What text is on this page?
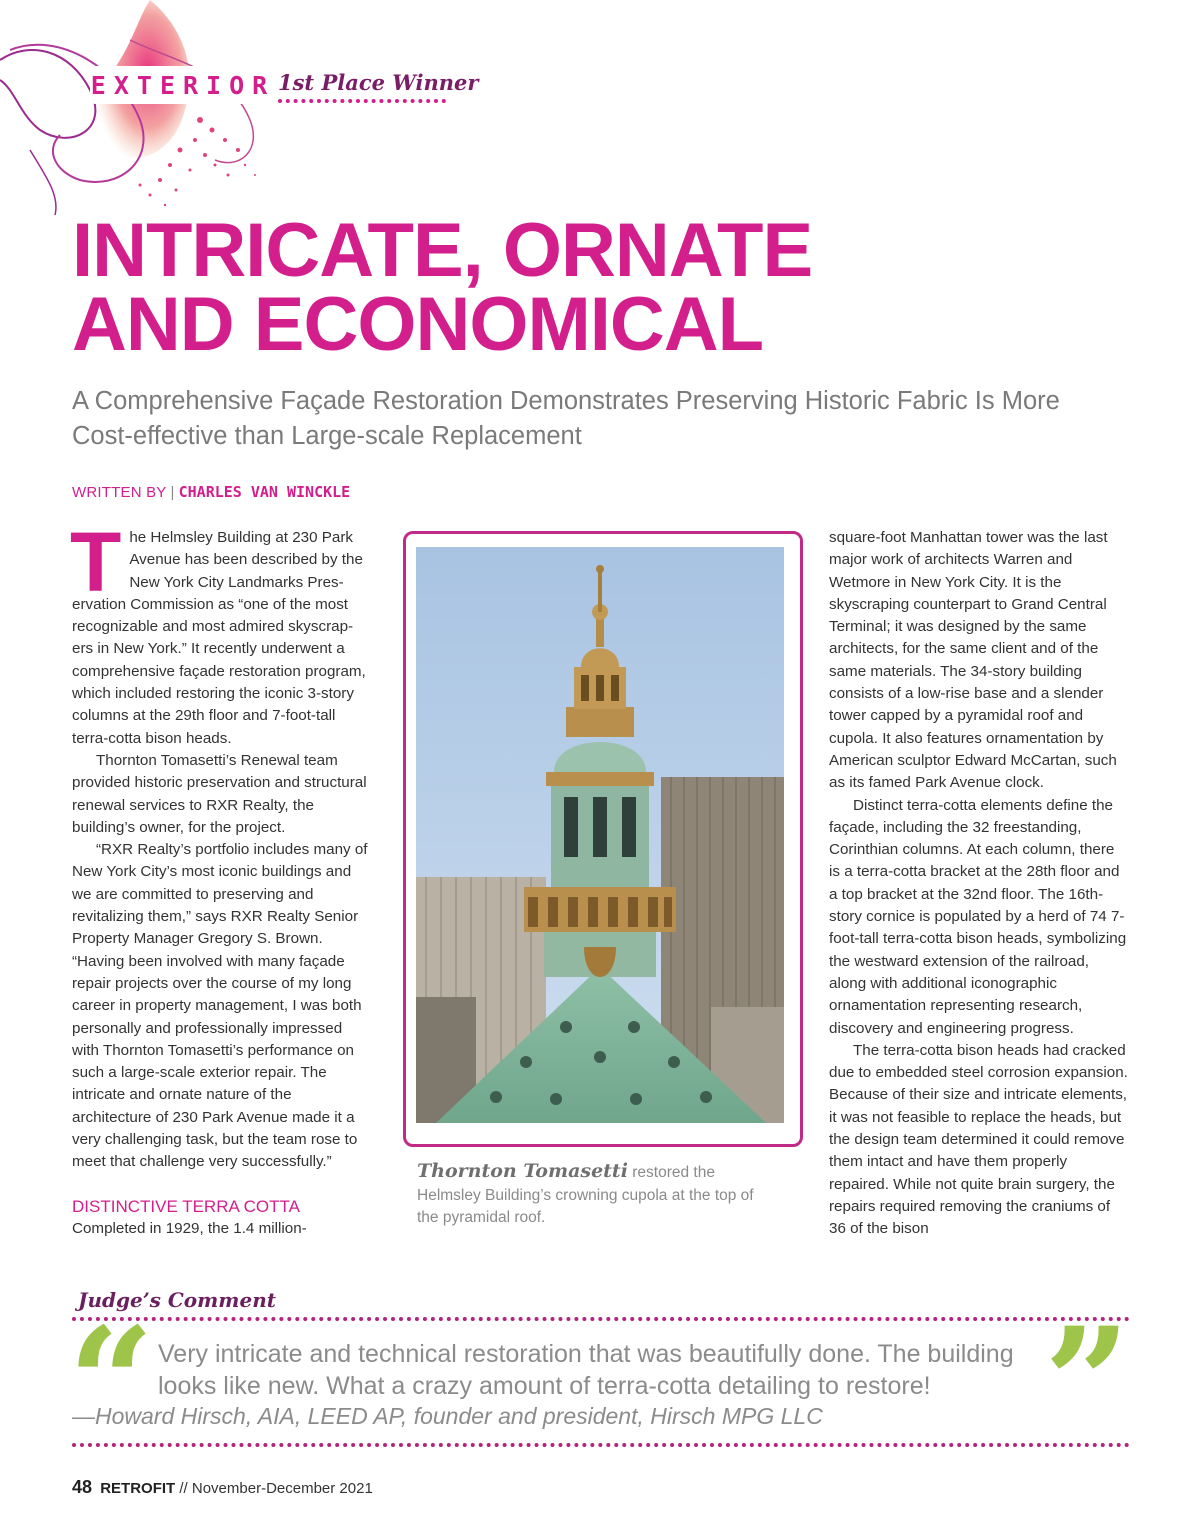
EXTERIOR 1st Place Winner
INTRICATE, ORNATE
AND ECONOMICAL

A Comprehensive Façade Restoration Demonstrates Preserving Historic Fabric Is More Cost-effective than Large-scale Replacement

WRITTEN BY | CHARLES VAN WINCKLE

The Helmsley Building at 230 Park Avenue has been described by the New York City Landmarks Pres-ervation Commission as “one of the most recognizable and most admired skyscrap-ers in New York.” It recently underwent a comprehensive façade restoration program, which included restoring the iconic 3-story columns at the 29th floor and 7-foot-tall terra-cotta bison heads.

Thornton Tomasetti’s Renewal team provided historic preservation and structural renewal services to RXR Realty, the building’s owner, for the project.

“RXR Realty’s portfolio includes many of New York City’s most iconic buildings and we are committed to preserving and revitalizing them,” says RXR Realty Senior Property Manager Gregory S. Brown. “Having been involved with many façade repair projects over the course of my long career in property management, I was both personally and professionally impressed with Thornton Tomasetti’s performance on such a large-scale exterior repair. The intricate and ornate nature of the architecture of 230 Park Avenue made it a very challenging task, but the team rose to meet that challenge very successfully.”

DISTINCTIVE TERRA COTTA

Completed in 1929, the 1.4 million-

Thornton Tomasetti restored the Helmsley Building’s crowning cupola at the top of the pyramidal roof.

square-foot Manhattan tower was the last major work of architects Warren and Wetmore in New York City. It is the skyscraping counterpart to Grand Central Terminal; it was designed by the same architects, for the same client and of the same materials. The 34-story building consists of a low-rise base and a slender tower capped by a pyramidal roof and cupola. It also features ornamentation by American sculptor Edward McCartan, such as its famed Park Avenue clock.

Distinct terra-cotta elements define the façade, including the 32 freestanding, Corinthian columns. At each column, there is a terra-cotta bracket at the 28th floor and a top bracket at the 32nd floor. The 16th-story cornice is populated by a herd of 74 7-foot-tall terra-cotta bison heads, symbolizing the westward extension of the railroad, along with additional iconographic ornamentation representing research, discovery and engineering progress.

The terra-cotta bison heads had cracked due to embedded steel corrosion expansion. Because of their size and intricate elements, it was not feasible to replace the heads, but the design team determined it could remove them intact and have them properly repaired. While not quite brain surgery, the repairs required removing the craniums of 36 of the bison

Judge’s Comment
“ Very intricate and technical restoration that was beautifully done. The building looks like new. What a crazy amount of terra-cotta detailing to restore! ”
—Howard Hirsch, AIA, LEED AP, founder and president, Hirsch MPG LLC
48 RETROFIT // November-December 2021
